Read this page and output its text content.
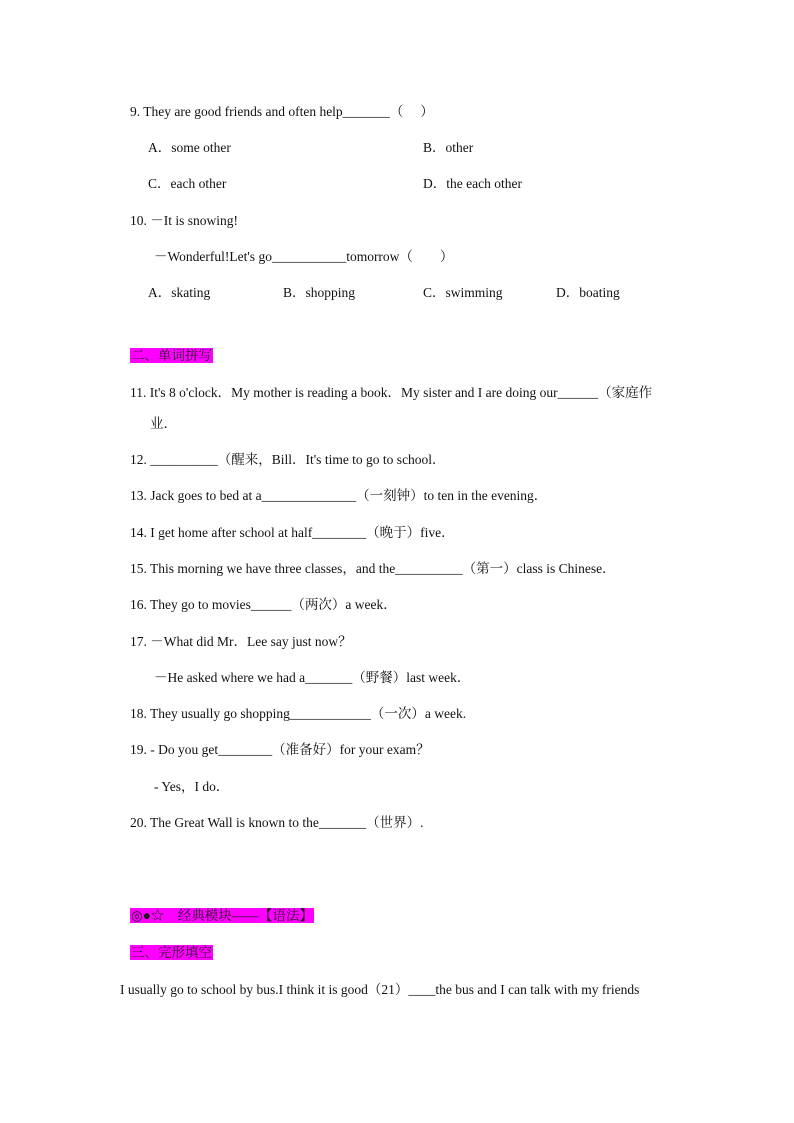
9. They are good friends and often help_______（　 ）
A．some other	B．other
C．each other	D．the each other
10. －It is snowing!
－Wonderful!Let's go___________tomorrow（　　）
A．skating	B．shopping	C．swimming	D．boating
二、单词拼写
11. It's 8 o'clock．My mother is reading a book．My sister and I are doing our______（家庭作
业．
12. __________（醒来，Bill．It's time to go to school．
13. Jack goes to bed at a______________（一刻钟）to ten in the evening．
14. I get home after school at half________（晚于）five．
15. This morning we have three classes，and the__________（第一）class is Chinese．
16. They go to movies______（两次）a week．
17. －What did Mr．Lee say just now？
－He asked where we had a_______（野餐）last week．
18. They usually go shopping____________（一次）a week.
19. - Do you get________（准备好）for your exam？
- Yes，I do．
20. The Great Wall is known to the_______（世界）.
◎●☆　经典模块——【语法】
三、完形填空
I usually go to school by bus.I think it is good（21）____the bus and I can talk with my friends
